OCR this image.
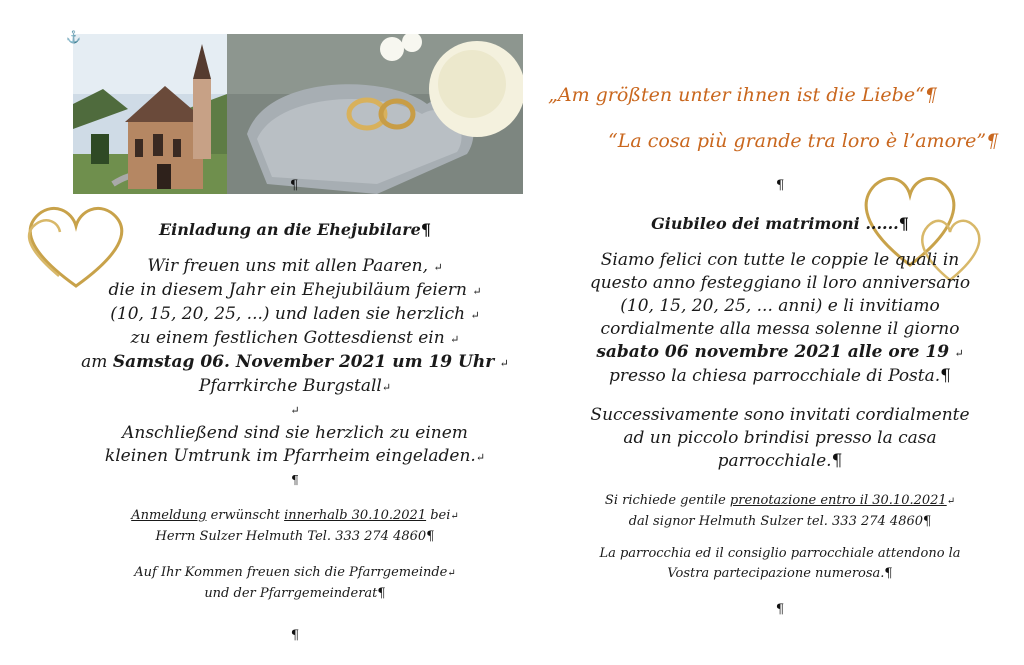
⚓
¶
Einladung an die Ehejubilare¶
Wir freuen uns mit allen Paaren, ↵
die in diesem Jahr ein Ehejubiläum feiern ↵
(10, 15, 20, 25, ...) und laden sie herzlich ↵
zu einem festlichen Gottesdienst ein ↵
am Samstag 06. November 2021 um 19 Uhr ↵
Pfarrkirche Burgstall↵
↵
Anschließend sind sie herzlich zu einem
kleinen Umtrunk im Pfarrheim eingeladen.↵
¶
Anmeldung erwünscht innerhalb 30.10.2021 bei↵
Herrn Sulzer Helmuth Tel. 333 274 4860¶
Auf Ihr Kommen freuen sich die Pfarrgemeinde↵
und der Pfarrgemeinderat¶
¶
„Am größten unter ihnen ist die Liebe“¶
“La cosa più grande tra loro è l’amore”¶
¶
Giubileo dei matrimoni ......¶
Siamo felici con tutte le coppie le quali in
questo anno festeggiano il loro anniversario
(10, 15, 20, 25, ... anni) e li invitiamo
cordialmente alla messa solenne il giorno
sabato 06 novembre 2021 alle ore 19 ↵
presso la chiesa parrocchiale di Posta.¶
Successivamente sono invitati cordialmente
ad un piccolo brindisi presso la casa
parrocchiale.¶
Si richiede gentile prenotazione entro il 30.10.2021↵
dal signor Helmuth Sulzer tel. 333 274 4860¶
La parrocchia ed il consiglio parrocchiale attendono la
Vostra partecipazione numerosa.¶
¶
